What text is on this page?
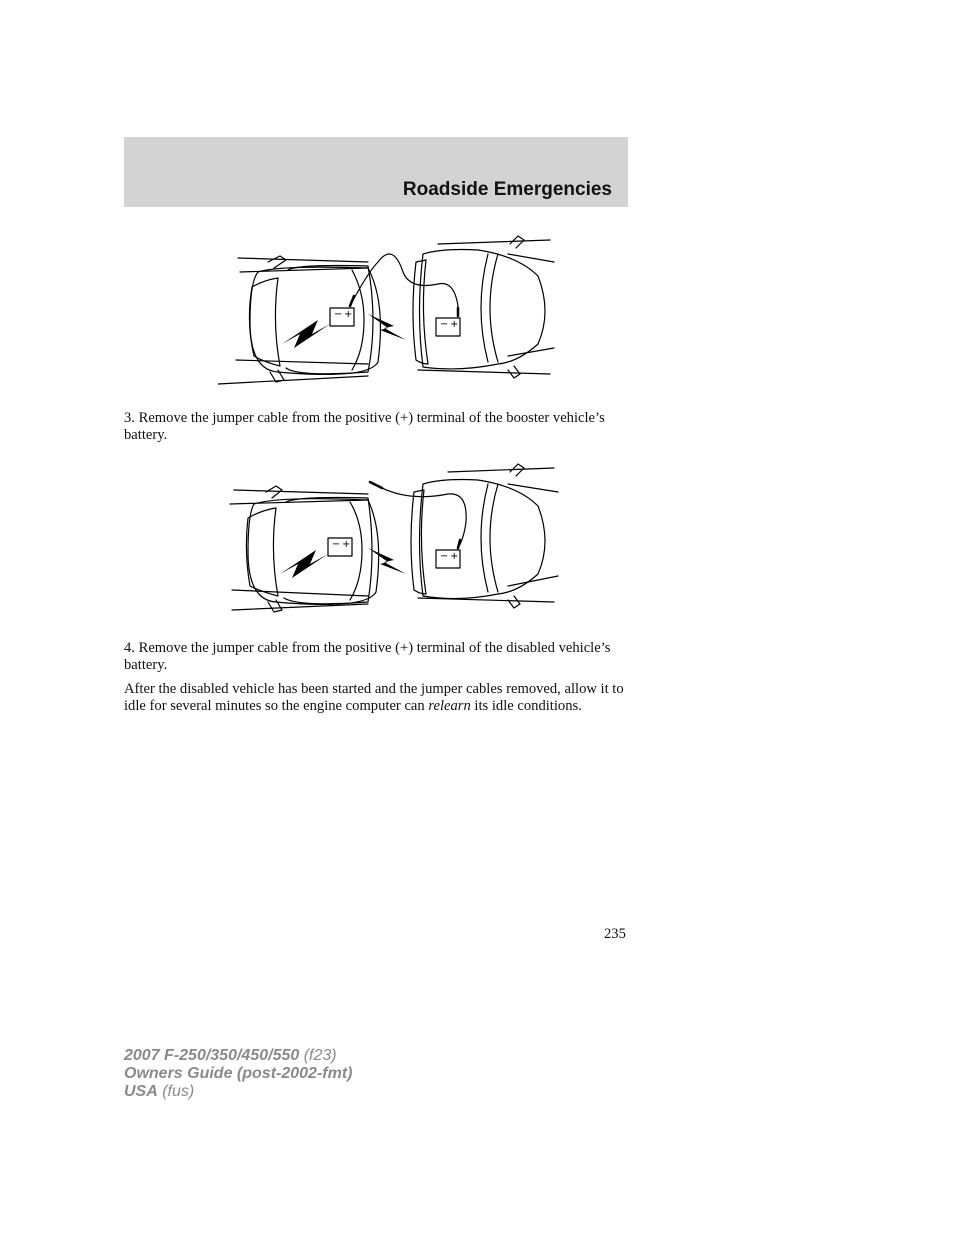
Roadside Emergencies
− +
− +

3. Remove the jumper cable from the positive (+) terminal of the booster vehicle’s battery.

− +
− +

4. Remove the jumper cable from the positive (+) terminal of the disabled vehicle’s battery.

After the disabled vehicle has been started and the jumper cables removed, allow it to idle for several minutes so the engine computer can relearn its idle conditions.

235

2007 F-250/350/450/550 (f23)
Owners Guide (post-2002-fmt)
USA (fus)
